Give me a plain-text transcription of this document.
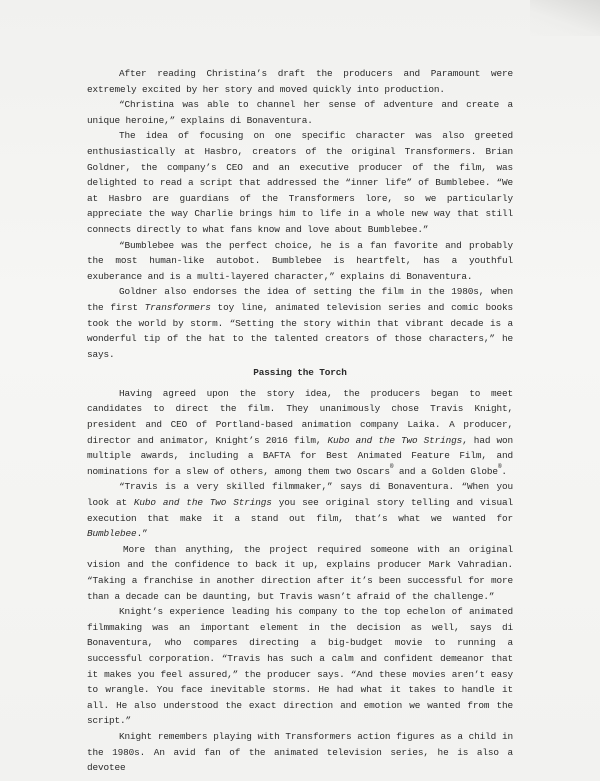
After reading Christina’s draft the producers and Paramount were extremely excited by her story and moved quickly into production.

“Christina was able to channel her sense of adventure and create a unique heroine,” explains di Bonaventura.

The idea of focusing on one specific character was also greeted enthusiastically at Hasbro, creators of the original Transformers. Brian Goldner, the company’s CEO and an executive producer of the film, was delighted to read a script that addressed the “inner life” of Bumblebee. “We at Hasbro are guardians of the Transformers lore, so we particularly appreciate the way Charlie brings him to life in a whole new way that still connects directly to what fans know and love about Bumblebee.”

“Bumblebee was the perfect choice, he is a fan favorite and probably the most human-like autobot. Bumblebee is heartfelt, has a youthful exuberance and is a multi-layered character,” explains di Bonaventura.

Goldner also endorses the idea of setting the film in the 1980s, when the first Transformers toy line, animated television series and comic books took the world by storm. “Setting the story within that vibrant decade is a wonderful tip of the hat to the talented creators of those characters,” he says.

Passing the Torch

Having agreed upon the story idea, the producers began to meet candidates to direct the film. They unanimously chose Travis Knight, president and CEO of Portland-based animation company Laika. A producer, director and animator, Knight’s 2016 film, Kubo and the Two Strings, had won multiple awards, including a BAFTA for Best Animated Feature Film, and nominations for a slew of others, among them two Oscars® and a Golden Globe®.

“Travis is a very skilled filmmaker,” says di Bonaventura. “When you look at Kubo and the Two Strings you see original story telling and visual execution that make it a stand out film, that’s what we wanted for Bumblebee.”

More than anything, the project required someone with an original vision and the confidence to back it up, explains producer Mark Vahradian. “Taking a franchise in another direction after it’s been successful for more than a decade can be daunting, but Travis wasn’t afraid of the challenge.”

Knight’s experience leading his company to the top echelon of animated filmmaking was an important element in the decision as well, says di Bonaventura, who compares directing a big-budget movie to running a successful corporation. “Travis has such a calm and confident demeanor that it makes you feel assured,” the producer says. “And these movies aren’t easy to wrangle. You face inevitable storms. He had what it takes to handle it all. He also understood the exact direction and emotion we wanted from the script.”

Knight remembers playing with Transformers action figures as a child in the 1980s. An avid fan of the animated television series, he is also a devotee
